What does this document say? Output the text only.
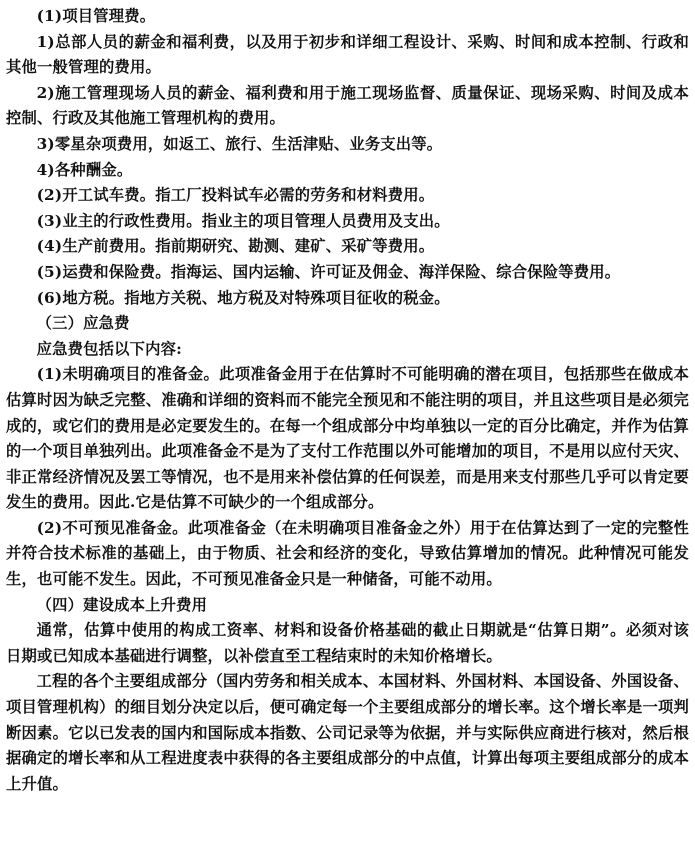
(1)项目管理费。

1)总部人员的薪金和福利费，以及用于初步和详细工程设计、采购、时间和成本控制、行政和其他一般管理的费用。

2)施工管理现场人员的薪金、福利费和用于施工现场监督、质量保证、现场采购、时间及成本控制、行政及其他施工管理机构的费用。

3)零星杂项费用，如返工、旅行、生活津贴、业务支出等。

4)各种酬金。

(2)开工试车费。指工厂投料试车必需的劳务和材料费用。

(3)业主的行政性费用。指业主的项目管理人员费用及支出。

(4)生产前费用。指前期研究、勘测、建矿、采矿等费用。

(5)运费和保险费。指海运、国内运输、许可证及佣金、海洋保险、综合保险等费用。

(6)地方税。指地方关税、地方税及对特殊项目征收的税金。

（三）应急费

应急费包括以下内容:

(1)未明确项目的准备金。此项准备金用于在估算时不可能明确的潜在项目，包括那些在做成本估算时因为缺乏完整、准确和详细的资料而不能完全预见和不能注明的项目，并且这些项目是必须完成的，或它们的费用是必定要发生的。在每一个组成部分中均单独以一定的百分比确定，并作为估算的一个项目单独列出。此项准备金不是为了支付工作范围以外可能增加的项目，不是用以应付天灾、非正常经济情况及罢工等情况，也不是用来补偿估算的任何误差，而是用来支付那些几乎可以肯定要发生的费用。因此.它是估算不可缺少的一个组成部分。

(2)不可预见准备金。此项准备金（在未明确项目准备金之外）用于在估算达到了一定的完整性并符合技术标准的基础上，由于物质、社会和经济的变化，导致估算增加的情况。此种情况可能发生，也可能不发生。因此，不可预见准备金只是一种储备，可能不动用。

（四）建设成本上升费用

通常，估算中使用的构成工资率、材料和设备价格基础的截止日期就是“估算日期”。必须对该日期或已知成本基础进行调整，以补偿直至工程结束时的未知价格增长。

工程的各个主要组成部分（国内劳务和相关成本、本国材料、外国材料、本国设备、外国设备、项目管理机构）的细目划分决定以后，便可确定每一个主要组成部分的增长率。这个增长率是一项判断因素。它以已发表的国内和国际成本指数、公司记录等为依据，并与实际供应商进行核对，然后根据确定的增长率和从工程进度表中获得的各主要组成部分的中点值，计算出每项主要组成部分的成本上升值。
